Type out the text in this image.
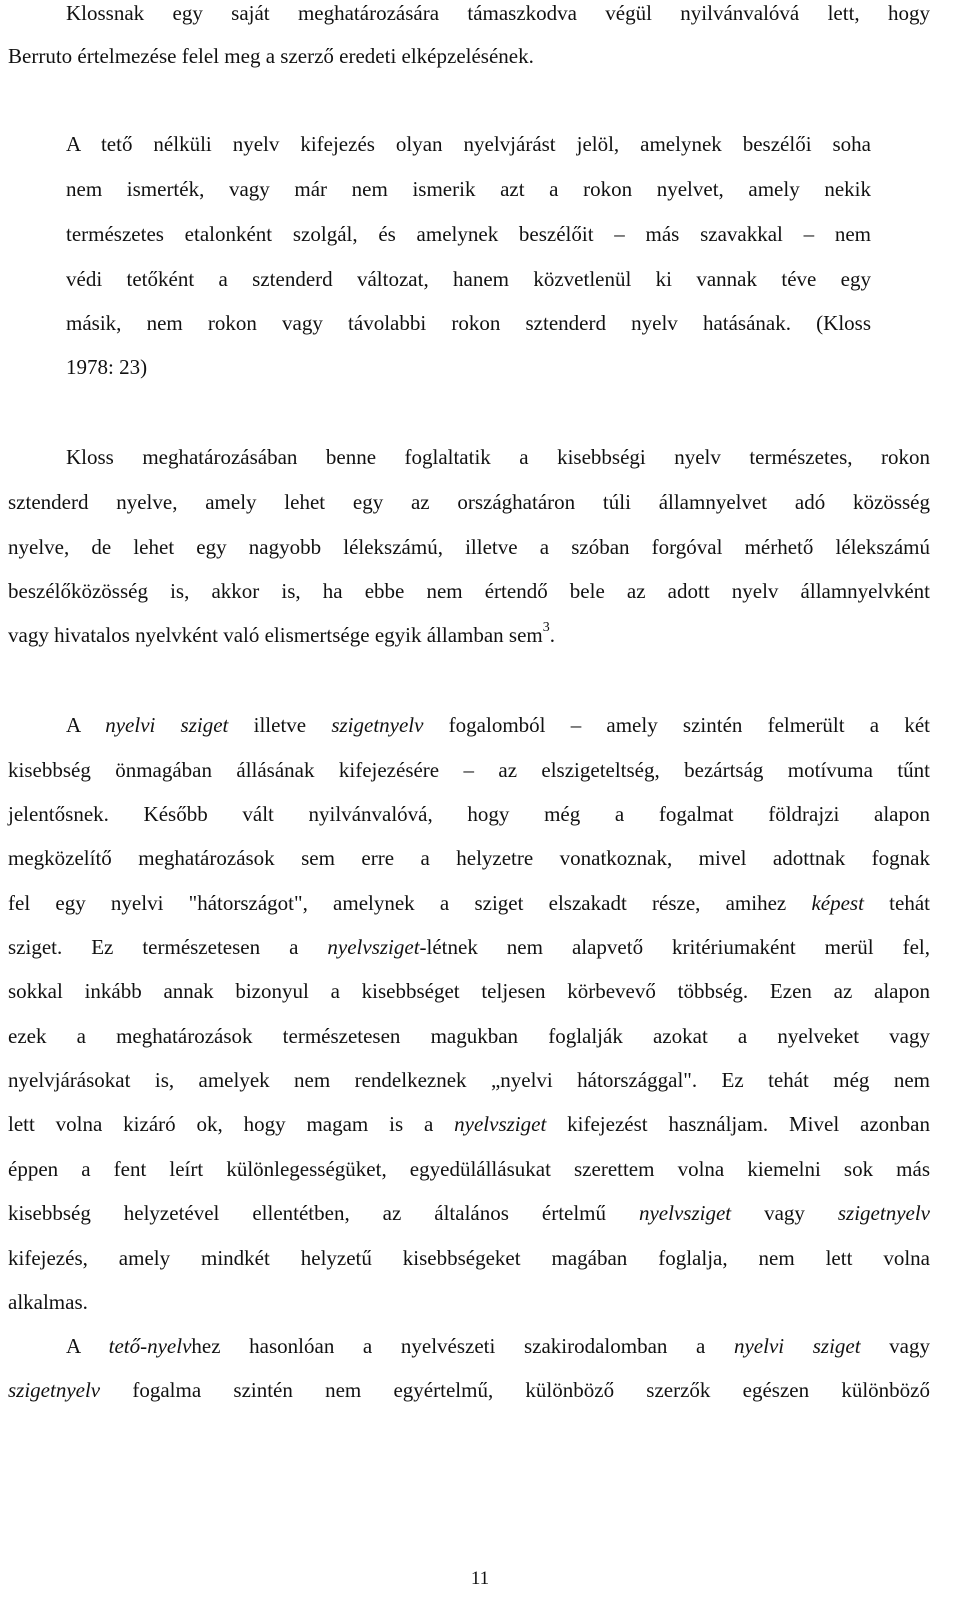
Klossnak egy saját meghatározására támaszkodva végül nyilvánvalóvá lett, hogy
Berruto értelmezése felel meg a szerző eredeti elképzelésének.
A tető nélküli nyelv kifejezés olyan nyelvjárást jelöl, amelynek beszélői soha
nem ismerték, vagy már nem ismerik azt a rokon nyelvet, amely nekik
természetes etalonként szolgál, és amelynek beszélőit – más szavakkal – nem
védi tetőként a sztenderd változat, hanem közvetlenül ki vannak téve egy
másik, nem rokon vagy távolabbi rokon sztenderd nyelv hatásának. (Kloss
1978: 23)
Kloss meghatározásában benne foglaltatik a kisebbségi nyelv természetes, rokon
sztenderd nyelve, amely lehet egy az országhatáron túli államnyelvet adó közösség
nyelve, de lehet egy nagyobb lélekszámú, illetve a szóban forgóval mérhető lélekszámú
beszélőközösség is, akkor is, ha ebbe nem értendő bele az adott nyelv államnyelvként
vagy hivatalos nyelvként való elismertsége egyik államban sem$^3$.
A nyelvi sziget illetve szigetnyelv fogalomból – amely szintén felmerült a két
kisebbség önmagában állásának kifejezésére – az elszigeteltség, bezártság motívuma tűnt
jelentősnek. Később vált nyilvánvalóvá, hogy még a fogalmat földrajzi alapon
megközelítő meghatározások sem erre a helyzetre vonatkoznak, mivel adottnak fognak
fel egy nyelvi "hátországot", amelynek a sziget elszakadt része, amihez képest tehát
sziget. Ez természetesen a nyelvsziget-létnek nem alapvető kritériumaként merül fel,
sokkal inkább annak bizonyul a kisebbséget teljesen körbevevő többség. Ezen az alapon
ezek a meghatározások természetesen magukban foglalják azokat a nyelveket vagy
nyelvjárásokat is, amelyek nem rendelkeznek „nyelvi hátországgal". Ez tehát még nem
lett volna kizáró ok, hogy magam is a nyelvsziget kifejezést használjam. Mivel azonban
éppen a fent leírt különlegességüket, egyedülállásukat szerettem volna kiemelni sok más
kisebbség helyzetével ellentétben, az általános értelmű nyelvsziget vagy szigetnyelv
kifejezés, amely mindkét helyzetű kisebbségeket magában foglalja, nem lett volna
alkalmas.
A tető-nyelvhez hasonlóan a nyelvészeti szakirodalomban a nyelvi sziget vagy
szigetnyelv fogalma szintén nem egyértelmű, különböző szerzők egészen különböző
11
